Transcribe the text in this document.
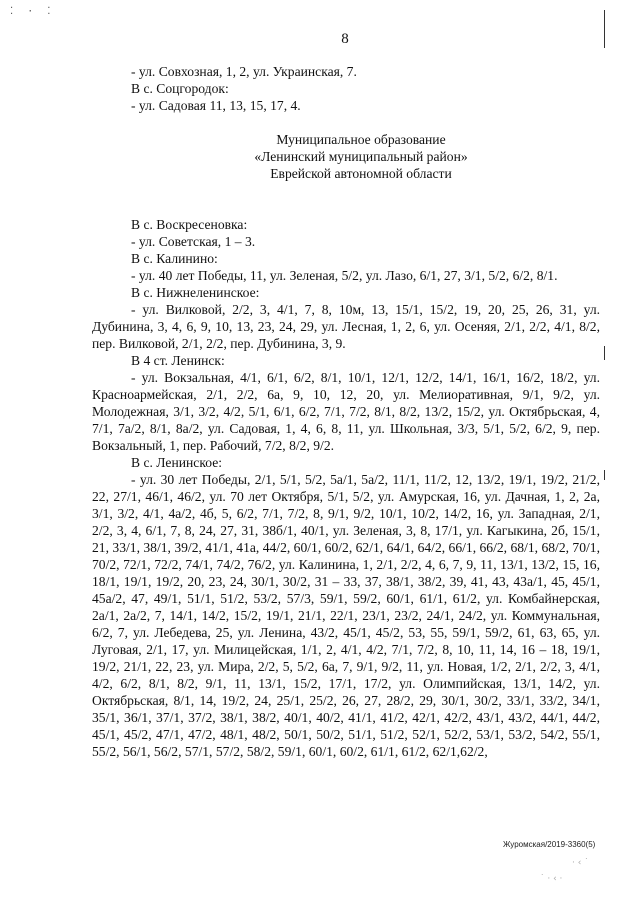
⁚ · ⁚
8

- ул. Совхозная, 1, 2, ул. Украинская, 7.

В с. Соцгородок:

- ул. Садовая 11, 13, 15, 17, 4.

Муниципальное образование
«Ленинский муниципальный район»
Еврейской автономной области

В с. Воскресеновка:

- ул. Советская, 1 – 3.

В с. Калинино:

- ул. 40 лет Победы, 11, ул. Зеленая, 5/2, ул. Лазо, 6/1, 27, 3/1, 5/2, 6/2, 8/1.

В с. Нижнеленинское:

- ул. Вилковой, 2/2, 3, 4/1, 7, 8, 10м, 13, 15/1, 15/2, 19, 20, 25, 26, 31, ул. Дубинина, 3, 4, 6, 9, 10, 13, 23, 24, 29, ул. Лесная, 1, 2, 6, ул. Осеняя, 2/1, 2/2, 4/1, 8/2, пер. Вилковой, 2/1, 2/2, пер. Дубинина, 3, 9.

В 4 ст. Ленинск:

- ул. Вокзальная, 4/1, 6/1, 6/2, 8/1, 10/1, 12/1, 12/2, 14/1, 16/1, 16/2, 18/2, ул. Красноармейская, 2/1, 2/2, 6а, 9, 10, 12, 20, ул. Мелиоративная, 9/1, 9/2, ул. Молодежная, 3/1, 3/2, 4/2, 5/1, 6/1, 6/2, 7/1, 7/2, 8/1, 8/2, 13/2, 15/2, ул. Октябрьская, 4, 7/1, 7а/2, 8/1, 8а/2, ул. Садовая, 1, 4, 6, 8, 11, ул. Школьная, 3/3, 5/1, 5/2, 6/2, 9, пер. Вокзальный, 1, пер. Рабочий, 7/2, 8/2, 9/2.

В с. Ленинское:

- ул. 30 лет Победы, 2/1, 5/1, 5/2, 5а/1, 5а/2, 11/1, 11/2, 12, 13/2, 19/1, 19/2, 21/2, 22, 27/1, 46/1, 46/2, ул. 70 лет Октября, 5/1, 5/2, ул. Амурская, 16, ул. Дачная, 1, 2, 2а, 3/1, 3/2, 4/1, 4а/2, 4б, 5, 6/2, 7/1, 7/2, 8, 9/1, 9/2, 10/1, 10/2, 14/2, 16, ул. Западная, 2/1, 2/2, 3, 4, 6/1, 7, 8, 24, 27, 31, 38б/1, 40/1, ул. Зеленая, 3, 8, 17/1, ул. Кагыкина, 2б, 15/1, 21, 33/1, 38/1, 39/2, 41/1, 41а, 44/2, 60/1, 60/2, 62/1, 64/1, 64/2, 66/1, 66/2, 68/1, 68/2, 70/1, 70/2, 72/1, 72/2, 74/1, 74/2, 76/2, ул. Калинина, 1, 2/1, 2/2, 4, 6, 7, 9, 11, 13/1, 13/2, 15, 16, 18/1, 19/1, 19/2, 20, 23, 24, 30/1, 30/2, 31 – 33, 37, 38/1, 38/2, 39, 41, 43, 43а/1, 45, 45/1, 45а/2, 47, 49/1, 51/1, 51/2, 53/2, 57/3, 59/1, 59/2, 60/1, 61/1, 61/2, ул. Комбайнерская, 2а/1, 2а/2, 7, 14/1, 14/2, 15/2, 19/1, 21/1, 22/1, 23/1, 23/2, 24/1, 24/2, ул. Коммунальная, 6/2, 7, ул. Лебедева, 25, ул. Ленина, 43/2, 45/1, 45/2, 53, 55, 59/1, 59/2, 61, 63, 65, ул. Луговая, 2/1, 17, ул. Милицейская, 1/1, 2, 4/1, 4/2, 7/1, 7/2, 8, 10, 11, 14, 16 – 18, 19/1, 19/2, 21/1, 22, 23, ул. Мира, 2/2, 5, 5/2, 6а, 7, 9/1, 9/2, 11, ул. Новая, 1/2, 2/1, 2/2, 3, 4/1, 4/2, 6/2, 8/1, 8/2, 9/1, 11, 13/1, 15/2, 17/1, 17/2, ул. Олимпийская, 13/1, 14/2, ул. Октябрьская, 8/1, 14, 19/2, 24, 25/1, 25/2, 26, 27, 28/2, 29, 30/1, 30/2, 33/1, 33/2, 34/1, 35/1, 36/1, 37/1, 37/2, 38/1, 38/2, 40/1, 40/2, 41/1, 41/2, 42/1, 42/2, 43/1, 43/2, 44/1, 44/2, 45/1, 45/2, 47/1, 47/2, 48/1, 48/2, 50/1, 50/2, 51/1, 51/2, 52/1, 52/2, 53/1, 53/2, 54/2, 55/1, 55/2, 56/1, 56/2, 57/1, 57/2, 58/2, 59/1, 60/1, 60/2, 61/1, 61/2, 62/1,62/2,

Журомская/2019-3360(5)
· ‹ ˙
˙ · ‹ ·
